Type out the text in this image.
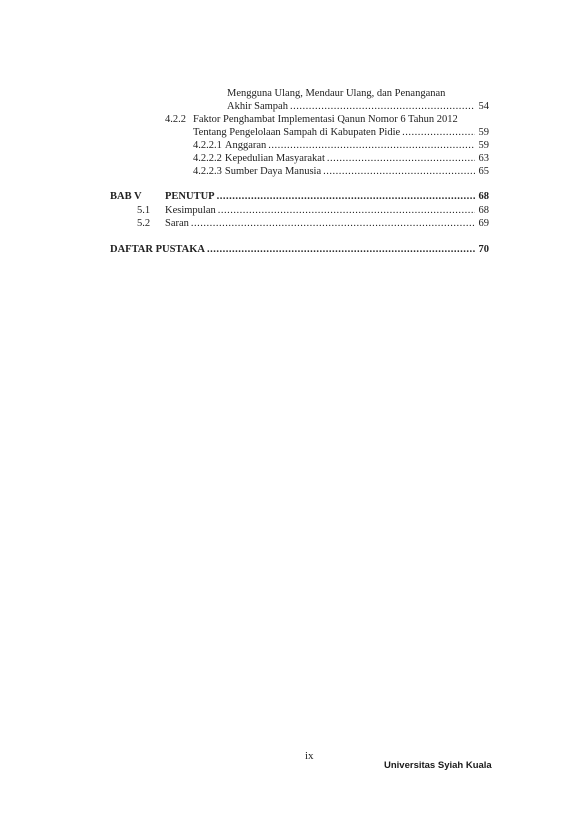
Mengguna Ulang, Mendaur Ulang, dan Penanganan
Akhir Sampah .....	54
4.2.2 Faktor Penghambat Implementasi Qanun Nomor 6 Tahun 2012
Tentang Pengelolaan Sampah di Kabupaten Pidie .....	59
4.2.2.1 Anggaran .....	59
4.2.2.2 Kepedulian Masyarakat .....	63
4.2.2.3 Sumber Daya Manusia .....	65
BAB V PENUTUP .....	68
5.1 Kesimpulan .....	68
5.2 Saran .....	69
DAFTAR PUSTAKA .....	70
ix
Universitas Syiah Kuala
